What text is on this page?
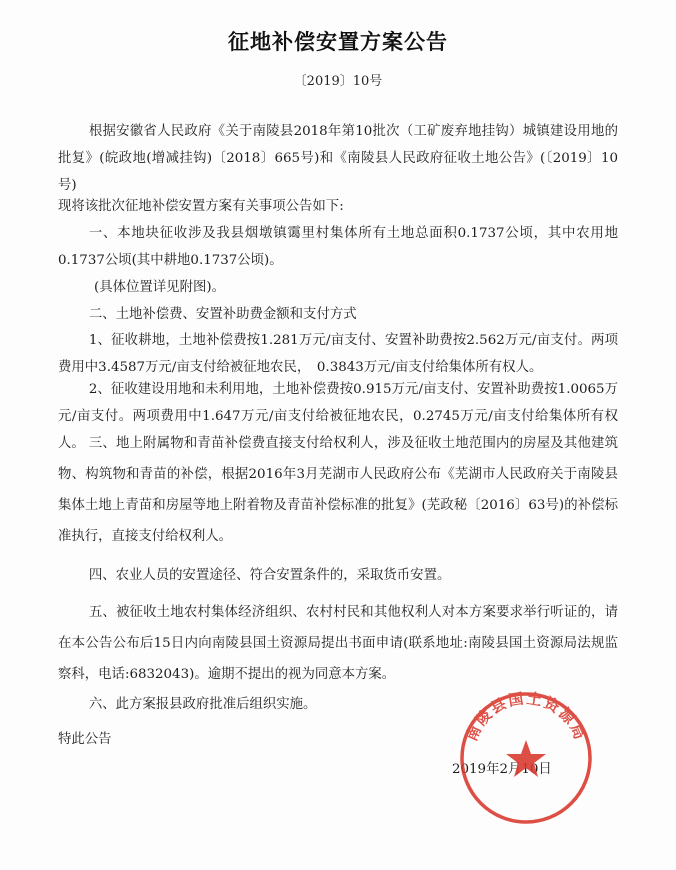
征地补偿安置方案公告
〔2019〕10号

根据安徽省人民政府《关于南陵县2018年第10批次（工矿废弃地挂钩）城镇建设用地的批复》(皖政地(增减挂钩)〔2018〕665号)和《南陵县人民政府征收土地公告》(〔2019〕10号)

现将该批次征地补偿安置方案有关事项公告如下:

一、本地块征收涉及我县烟墩镇霭里村集体所有土地总面积0.1737公顷，其中农用地0.1737公顷(其中耕地0.1737公顷)。

(具体位置详见附图)。

二、土地补偿费、安置补助费金额和支付方式

1、征收耕地，土地补偿费按1.281万元/亩支付、安置补助费按2.562万元/亩支付。两项费用中3.4587万元/亩支付给被征地农民，　0.3843万元/亩支付给集体所有权人。

2、征收建设用地和未利用地，土地补偿费按0.915万元/亩支付、安置补助费按1.0065万元/亩支付。两项费用中1.647万元/亩支付给被征地农民，0.2745万元/亩支付给集体所有权人。 三、地上附属物和青苗补偿费直接支付给权利人，涉及征收土地范围内的房屋及其他建筑物、构筑物和青苗的补偿，根据2016年3月芜湖市人民政府公布《芜湖市人民政府关于南陵县集体土地上青苗和房屋等地上附着物及青苗补偿标准的批复》(芜政秘〔2016〕63号)的补偿标准执行，直接支付给权利人。

四、农业人员的安置途径、符合安置条件的，采取货币安置。

五、被征收土地农村集体经济组织、农村村民和其他权利人对本方案要求举行听证的，请在本公告公布后15日内向南陵县国土资源局提出书面申请(联系地址:南陵县国土资源局法规监察科，电话:6832043)。逾期不提出的视为同意本方案。

六、此方案报县政府批准后组织实施。

特此公告

2019年2月10日
南陵县国土资源局
